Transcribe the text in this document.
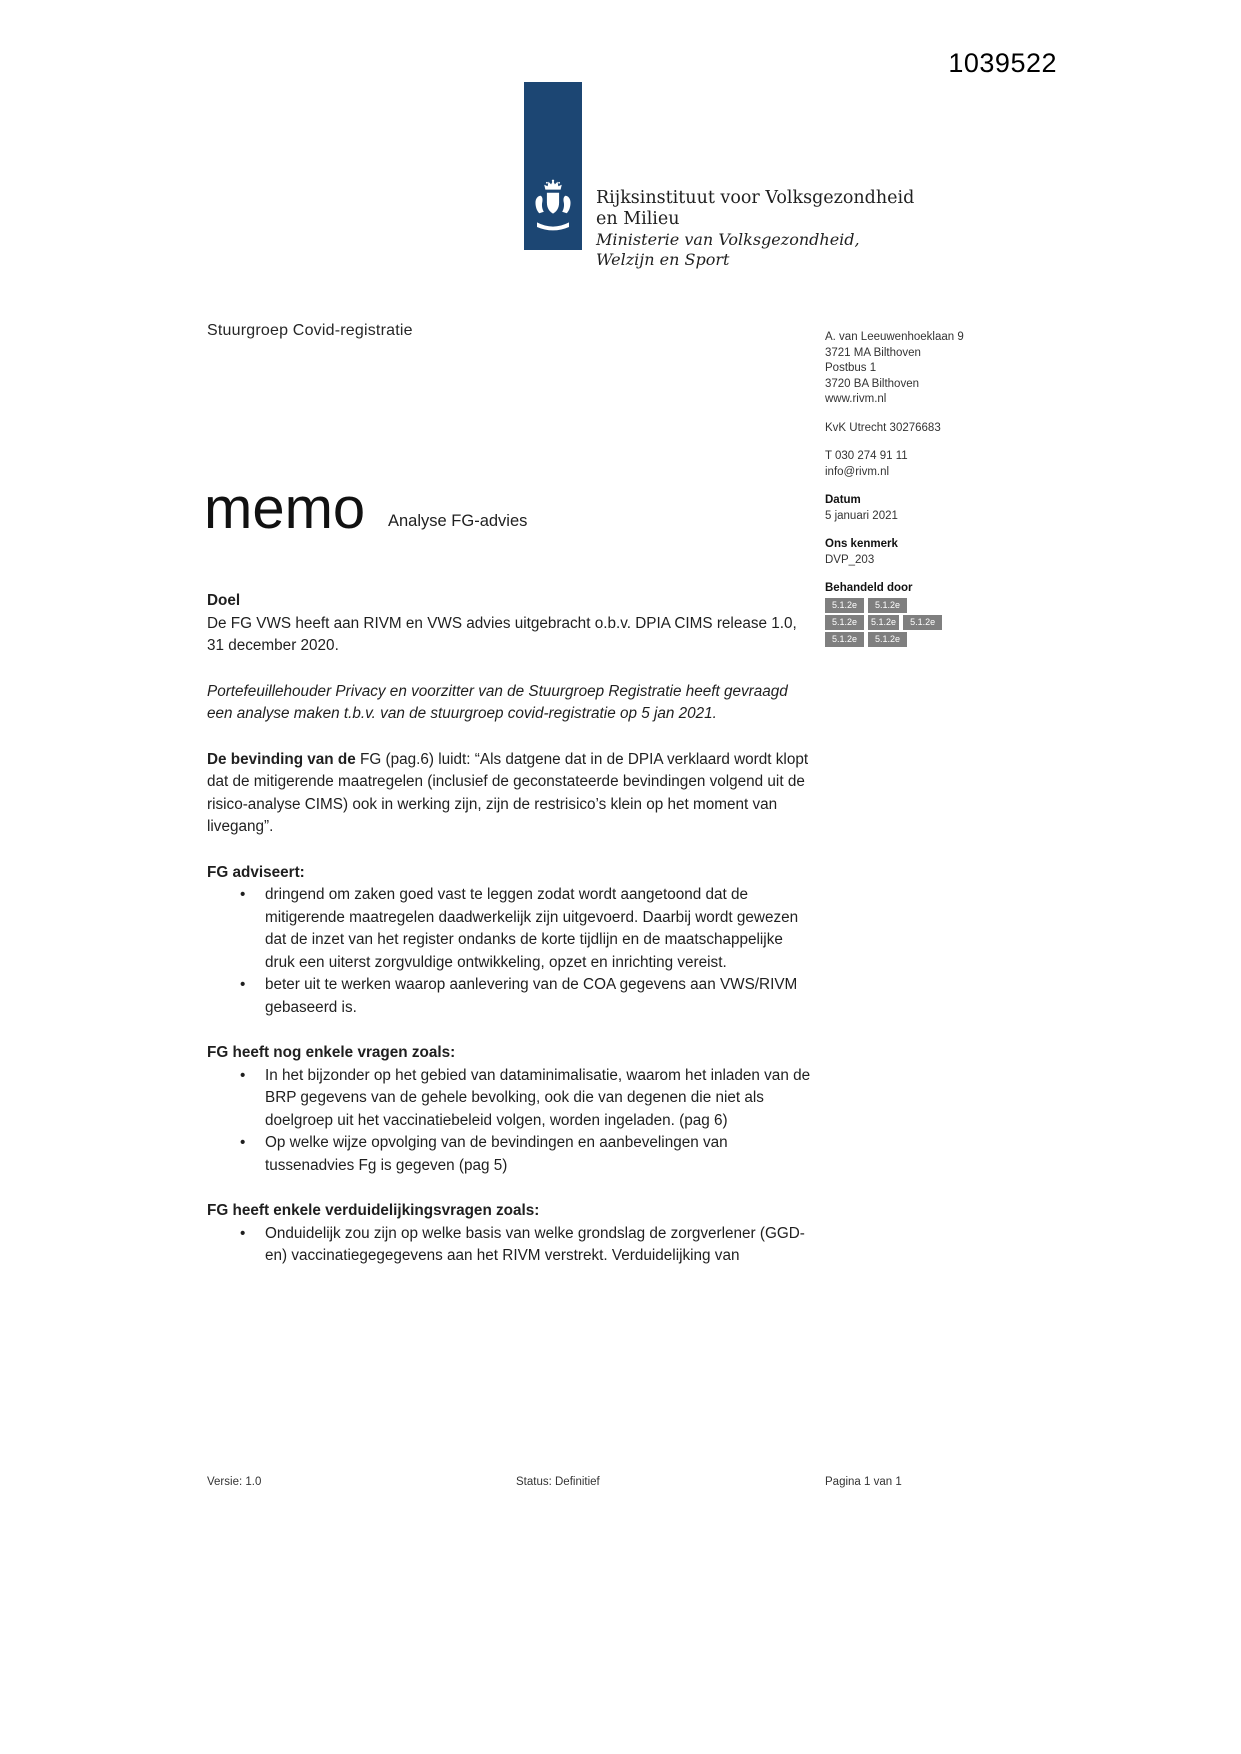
1039522
Rijksinstituut voor Volksgezondheid
en Milieu
Ministerie van Volksgezondheid,
Welzijn en Sport
Stuurgroep Covid-registratie	A. van Leeuwenhoeklaan 9
3721 MA Bilthoven
Postbus 1
3720 BA Bilthoven
www.rivm.nl
KvK Utrecht 30276683
T 030 274 91 11
info@rivm.nl
Datum
5 januari 2021
Ons kenmerk
DVP_203
Behandeld door
5.1.2e	5.1.2e
5.1.2e	5.1.2e	5.1.2e
5.1.2e	5.1.2e
memo Analyse FG-advies
Doel

De FG VWS heeft aan RIVM en VWS advies uitgebracht o.b.v. DPIA CIMS release 1.0, 31 december 2020.

Portefeuillehouder Privacy en voorzitter van de Stuurgroep Registratie heeft gevraagd een analyse maken t.b.v. van de stuurgroep covid-registratie op 5 jan 2021.

De bevinding van de FG (pag.6) luidt: “Als datgene dat in de DPIA verklaard wordt klopt dat de mitigerende maatregelen (inclusief de geconstateerde bevindingen volgend uit de risico-analyse CIMS) ook in werking zijn, zijn de restrisico’s klein op het moment van livegang”.

FG adviseert:
• dringend om zaken goed vast te leggen zodat wordt aangetoond dat de mitigerende maatregelen daadwerkelijk zijn uitgevoerd. Daarbij wordt gewezen dat de inzet van het register ondanks de korte tijdlijn en de maatschappelijke druk een uiterst zorgvuldige ontwikkeling, opzet en inrichting vereist.
• beter uit te werken waarop aanlevering van de COA gegevens aan VWS/RIVM gebaseerd is.
FG heeft nog enkele vragen zoals:
• In het bijzonder op het gebied van dataminimalisatie, waarom het inladen van de BRP gegevens van de gehele bevolking, ook die van degenen die niet als doelgroep uit het vaccinatiebeleid volgen, worden ingeladen. (pag 6)
• Op welke wijze opvolging van de bevindingen en aanbevelingen van tussenadvies Fg is gegeven (pag 5)
FG heeft enkele verduidelijkingsvragen zoals:
• Onduidelijk zou zijn op welke basis van welke grondslag de zorgverlener (GGD-en) vaccinatiegegegevens aan het RIVM verstrekt. Verduidelijking van
Versie: 1.0	Status: Definitief	Pagina 1 van 1
